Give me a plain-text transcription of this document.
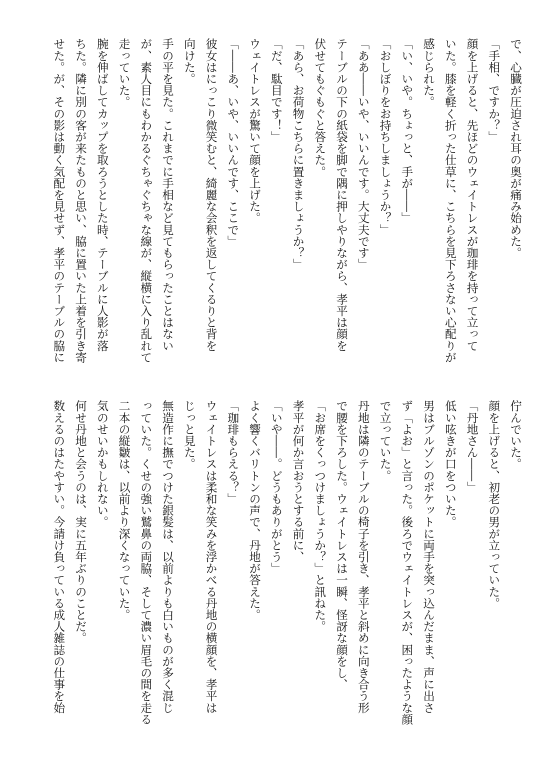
で、心臓が圧迫され耳の奥が痛み始めた。

「手相、ですか？」

顔を上げると、先ほどのウェイトレスが珈琲を持って立って

いた。膝を軽く折った仕草に、こちらを見下ろさない心配りが

感じられた。

「い、いや。ちょっと、手が――」

「おしぼりをお持ちしましょうか？」

「ああ――いや、いいんです。大丈夫です」

テーブルの下の紙袋を脚で隅に押しやりながら、孝平は顔を

伏せてもぐもぐと答えた。

「あら、お荷物こちらに置きましょうか？」

「だ、駄目です！」

ウェイトレスが驚いて顔を上げた。

「――あ、いや、いいんです、ここで」

彼女はにっこり微笑むと、綺麗な会釈を返してくるりと背を

向けた。

手の平を見た。これまでに手相など見てもらったことはない

が、素人目にもわかるぐちゃぐちゃな線が、縦横に入り乱れて

走っていた。

腕を伸ばしてカップを取ろうとした時、テーブルに人影が落

ちた。隣に別の客が来たものと思い、脇に置いた上着を引き寄

せた。が、その影は動く気配を見せず、孝平のテーブルの脇に

佇んでいた。

顔を上げると、初老の男が立っていた。

「丹地さん――」

低い呟きが口をついた。

男はブルゾンのポケットに両手を突っ込んだまま、声に出さ

ず「よお」と言った。後ろでウェイトレスが、困ったような顔

で立っていた。

丹地は隣のテーブルの椅子を引き、孝平と斜めに向き合う形

で腰を下ろした。ウェイトレスは一瞬、怪訝な顔をし、

「お席をくっつけましょうか？」と訊ねた。

孝平が何か言おうとする前に、

「いや――。どうもありがとう」

よく響くバリトンの声で、丹地が答えた。

「珈琲もらえる？」

ウェイトレスは柔和な笑みを浮かべる丹地の横顔を、孝平は

じっと見た。

無造作に撫でつけた銀髪は、以前よりも白いものが多く混じ

っていた。くせの強い鷲鼻の両脇、そして濃い眉毛の間を走る

二本の縦皺は、以前より深くなっていた。

気のせいかもしれない。

何せ丹地と会うのは、実に五年ぶりのことだ。

数えるのはたやすい。今請け負っている成人雑誌の仕事を始
